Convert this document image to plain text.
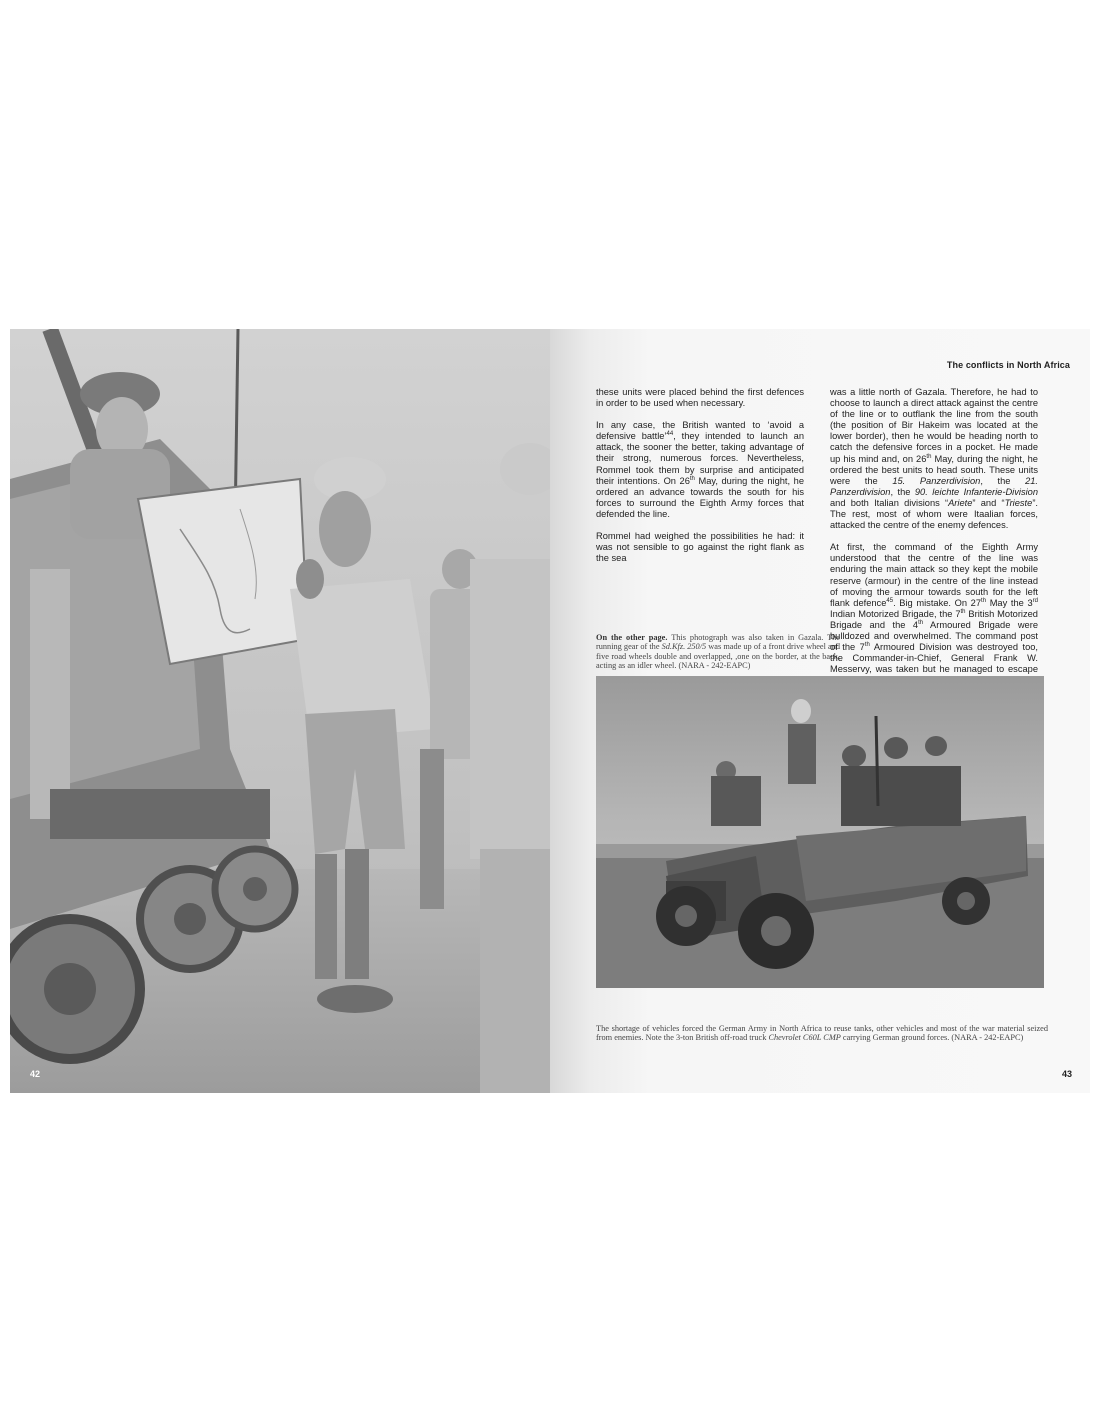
42
The conflicts in North Africa

these units were placed behind the first defences in order to be used when necessary.

In any case, the British wanted to ‘avoid a defensive battle’$^{44}$, they intended to launch an attack, the sooner the better, taking advantage of their strong, numerous forces. Nevertheless, Rommel took them by surprise and anticipated their intentions. On 26th May, during the night, he ordered an advance towards the south for his forces to surround the Eighth Army forces that defended the line.

Rommel had weighed the possibilities he had: it was not sensible to go against the right flank as the sea

On the other page. This photograph was also taken in Gazala. The running gear of the Sd.Kfz. 250/5 was made up of a front drive wheel and five road wheels double and overlapped, ,one on the border, at the back, acting as an idler wheel. (NARA - 242-EAPC)

was a little north of Gazala. Therefore, he had to choose to launch a direct attack against the centre of the line or to outflank the line from the south (the position of Bir Hakeim was located at the lower border), then he would be heading north to catch the defensive forces in a pocket. He made up his mind and, on 26th May, during the night, he ordered the best units to head south. These units were the 15. Panzerdivision, the 21. Panzerdivision, the 90. leichte Infanterie-Division and both Italian divisions “Ariete” and “Trieste”. The rest, most of whom were Itaalian forces, attacked the centre of the enemy defences.

At first, the command of the Eighth Army understood that the centre of the line was enduring the main attack so they kept the mobile reserve (armour) in the centre of the line instead of moving the armour towards south for the left flank defence$^{45}$. Big mistake. On 27th May the 3rd Indian Motorized Brigade, the 7th British Motorized Brigade and the 4th Armoured Brigade were bulldozed and overwhelmed. The command post of the 7th Armoured Division was destroyed too, the Commander-in-Chief, General Frank W. Messervy, was taken but he managed to escape

The shortage of vehicles forced the German Army in North Africa to reuse tanks, other vehicles and most of the war material seized from enemies. Note the 3-ton British off-road truck Chevrolet C60L CMP carrying German ground forces. (NARA - 242-EAPC)
43
